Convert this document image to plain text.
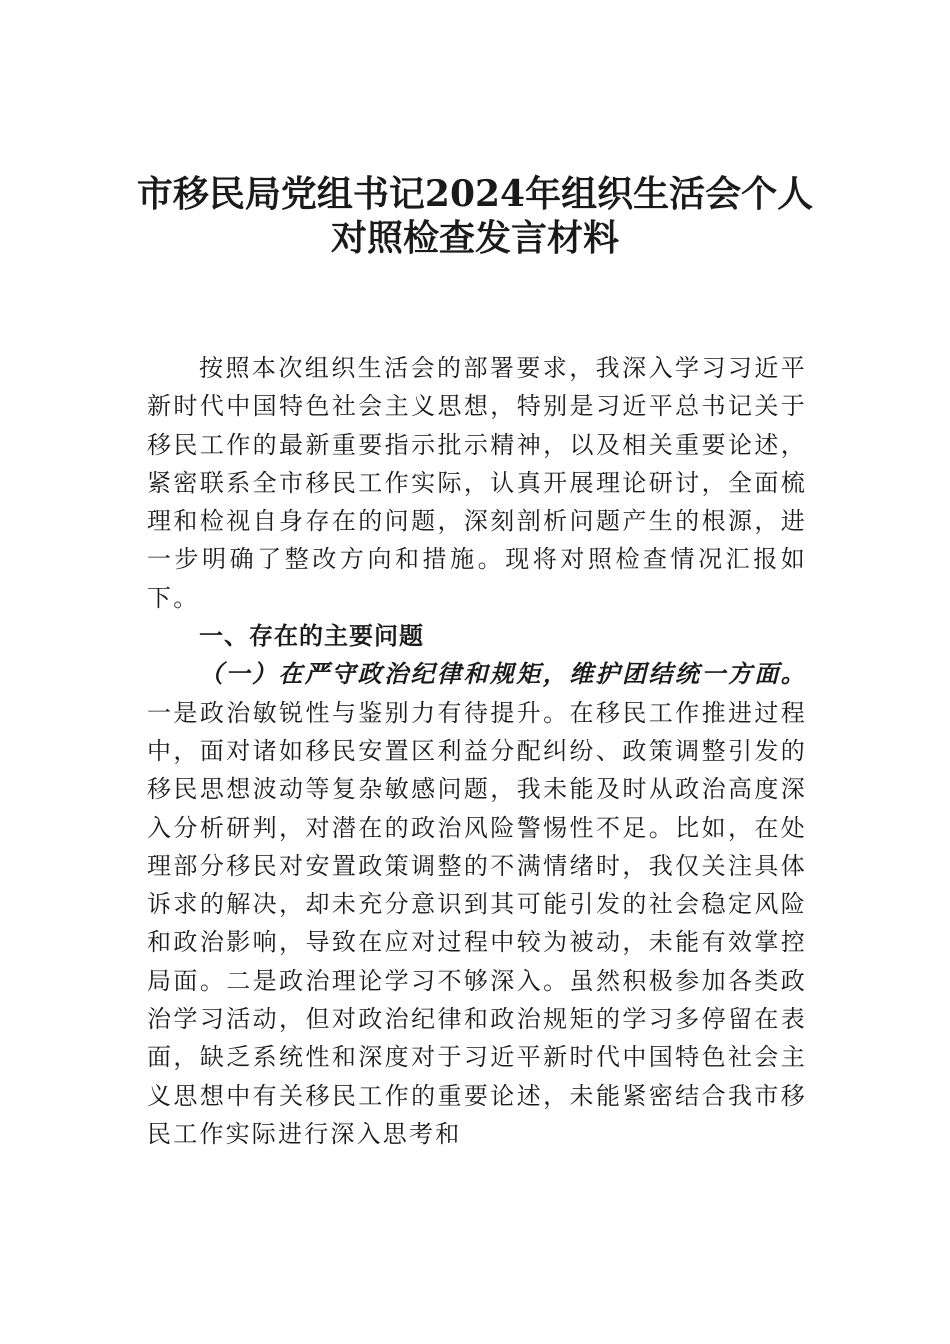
市移民局党组书记2024年组织生活会个人
对照检查发言材料

按照本次组织生活会的部署要求，我深入学习习近平新时代中国特色社会主义思想，特别是习近平总书记关于移民工作的最新重要指示批示精神，以及相关重要论述，紧密联系全市移民工作实际，认真开展理论研讨，全面梳理和检视自身存在的问题，深刻剖析问题产生的根源，进一步明确了整改方向和措施。现将对照检查情况汇报如下。

一、存在的主要问题

（一）在严守政治纪律和规矩，维护团结统一方面。一是政治敏锐性与鉴别力有待提升。在移民工作推进过程中，面对诸如移民安置区利益分配纠纷、政策调整引发的移民思想波动等复杂敏感问题，我未能及时从政治高度深入分析研判，对潜在的政治风险警惕性不足。比如，在处理部分移民对安置政策调整的不满情绪时，我仅关注具体诉求的解决，却未充分意识到其可能引发的社会稳定风险和政治影响，导致在应对过程中较为被动，未能有效掌控局面。二是政治理论学习不够深入。虽然积极参加各类政治学习活动，但对政治纪律和政治规矩的学习多停留在表面，缺乏系统性和深度对于习近平新时代中国特色社会主义思想中有关移民工作的重要论述，未能紧密结合我市移民工作实际进行深入思考和
